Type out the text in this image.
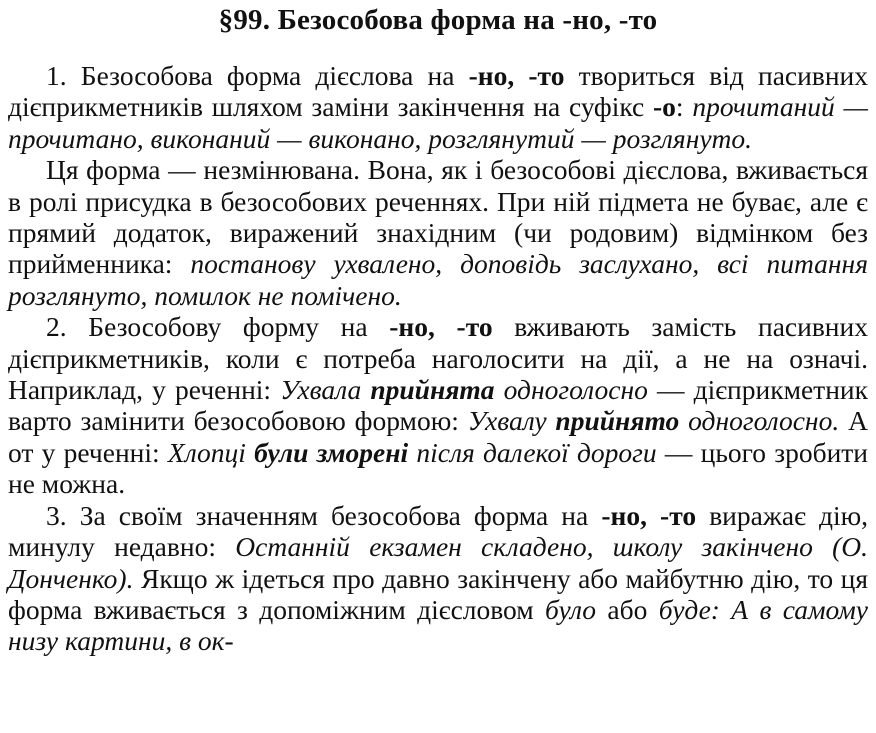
§99. Безособова форма на -но, -то

1. Безособова форма дієслова на -но, -то твориться від пасивних дієприкметників шляхом заміни закінчення на суфікс -о: прочитаний — прочитано, виконаний — виконано, розглянутий — розглянуто.

Ця форма — незмінювана. Вона, як і безособові дієслова, вживається в ролі присудка в безособових реченнях. При ній підмета не буває, але є прямий додаток, виражений знахідним (чи родовим) відмінком без прийменника: постанову ухвалено, доповідь заслухано, всі питання розглянуто, помилок не помічено.

2. Безособову форму на -но, -то вживають замість пасивних дієприкметників, коли є потреба наголосити на дії, а не на означі. Наприклад, у реченні: Ухвала прийнята одноголосно — дієприкметник варто замінити безособовою формою: Ухвалу прийнято одноголосно. А от у реченні: Хлопці були зморені після далекої дороги — цього зробити не можна.

3. За своїм значенням безособова форма на -но, -то виражає дію, минулу недавно: Останній екзамен складено, школу закінчено (О. Донченко). Якщо ж ідеться про давно закінчену або майбутню дію, то ця форма вживається з допоміжним дієсловом було або буде: А в самому низу картини, в ок-
